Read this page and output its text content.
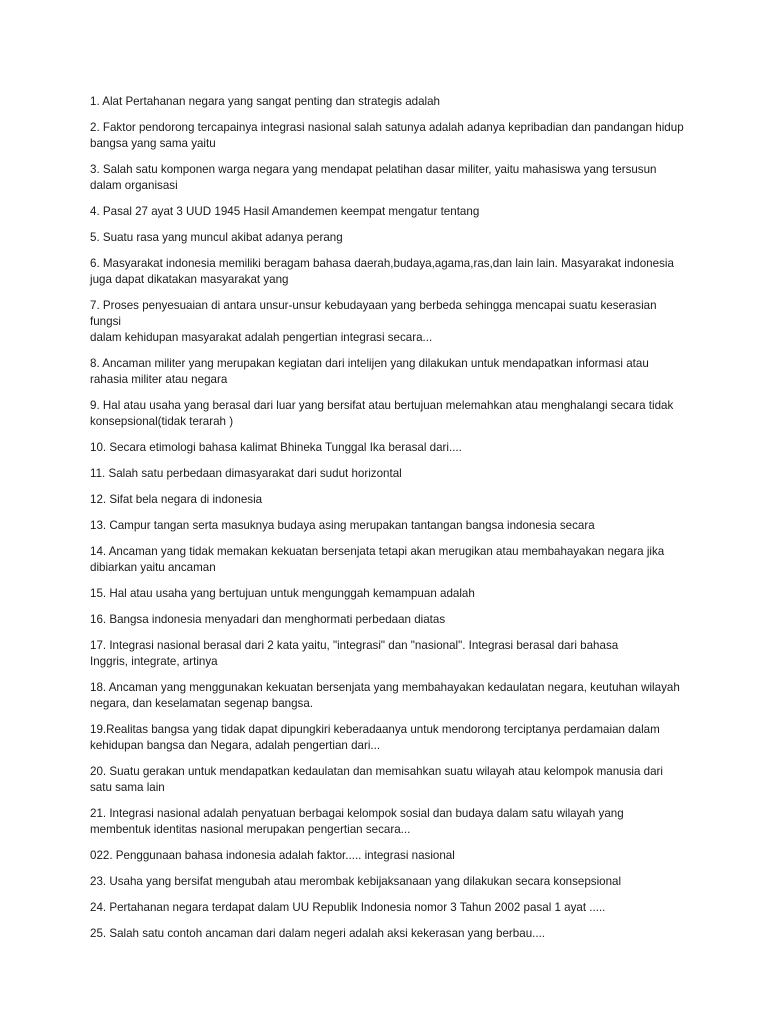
1. Alat Pertahanan negara yang sangat penting dan strategis adalah
2. Faktor pendorong tercapainya integrasi nasional salah satunya adalah adanya kepribadian dan pandangan hidup
bangsa yang sama yaitu
3. Salah satu komponen warga negara yang mendapat pelatihan dasar militer, yaitu mahasiswa yang tersusun
dalam organisasi
4. Pasal 27 ayat 3 UUD 1945 Hasil Amandemen keempat mengatur tentang
5. Suatu rasa yang muncul akibat adanya perang
6. Masyarakat indonesia memiliki beragam bahasa daerah,budaya,agama,ras,dan lain lain. Masyarakat indonesia
juga dapat dikatakan masyarakat yang
7. Proses penyesuaian di antara unsur-unsur kebudayaan yang berbeda sehingga mencapai suatu keserasian fungsi
dalam kehidupan masyarakat adalah pengertian integrasi secara...
8. Ancaman militer yang merupakan kegiatan dari intelijen yang dilakukan untuk mendapatkan informasi atau
rahasia militer atau negara
9. Hal atau usaha yang berasal dari luar yang bersifat atau bertujuan melemahkan atau menghalangi secara tidak
konsepsional(tidak terarah )
10. Secara etimologi bahasa kalimat Bhineka Tunggal Ika berasal dari....
11. Salah satu perbedaan dimasyarakat dari sudut horizontal
12. Sifat bela negara di indonesia
13. Campur tangan serta masuknya budaya asing merupakan tantangan bangsa indonesia secara
14. Ancaman yang tidak memakan kekuatan bersenjata tetapi akan merugikan atau membahayakan negara jika
dibiarkan yaitu ancaman
15. Hal atau usaha yang bertujuan untuk mengunggah kemampuan adalah
16. Bangsa indonesia menyadari dan menghormati perbedaan diatas
17. Integrasi nasional berasal dari 2 kata yaitu, "integrasi" dan "nasional". Integrasi berasal dari bahasa
Inggris, integrate, artinya
18. Ancaman yang menggunakan kekuatan bersenjata yang membahayakan kedaulatan negara, keutuhan wilayah
negara, dan keselamatan segenap bangsa.
19.Realitas bangsa yang tidak dapat dipungkiri keberadaanya untuk mendorong terciptanya perdamaian dalam
kehidupan bangsa dan Negara, adalah pengertian dari...
20. Suatu gerakan untuk mendapatkan kedaulatan dan memisahkan suatu wilayah atau kelompok manusia dari
satu sama lain
21. Integrasi nasional adalah penyatuan berbagai kelompok sosial dan budaya dalam satu wilayah yang
membentuk identitas nasional merupakan pengertian secara...
022. Penggunaan bahasa indonesia adalah faktor..... integrasi nasional
23. Usaha yang bersifat mengubah atau merombak kebijaksanaan yang dilakukan secara konsepsional
24. Pertahanan negara terdapat dalam UU Republik Indonesia nomor 3 Tahun 2002 pasal 1 ayat .....
25. Salah satu contoh ancaman dari dalam negeri adalah aksi kekerasan yang berbau....
